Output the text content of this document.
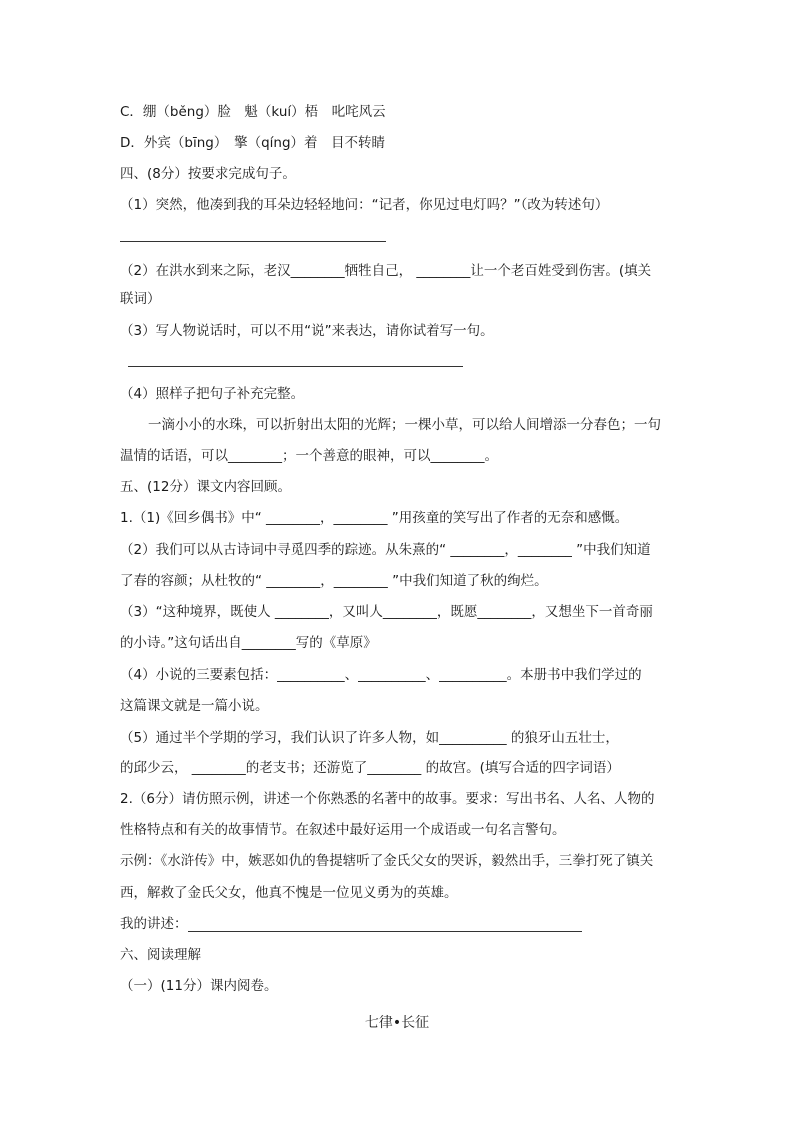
C．绷（běng）脸　魁（kuí）梧　叱咤风云
D．外宾（bīng）　擎（qíng）着　目不转睛
四、(8分）按要求完成句子。
（1）突然，他凑到我的耳朵边轻轻地问：“记者，你见过电灯吗？”（改为转述句）
（2）在洪水到来之际，老汉________牺牲自己， ________让一个老百姓受到伤害。(填关
联词）
（3）写人物说话时，可以不用“说”来表达，请你试着写一句。
（4）照样子把句子补充完整。
一滴小小的水珠，可以折射出太阳的光辉；一棵小草，可以给人间增添一分春色；一句
温情的话语，可以________；一个善意的眼神，可以________。
五、(12分）课文内容回顾。
1.（1)《回乡偶书》中“ ________，________ ”用孩童的笑写出了作者的无奈和感慨。
（2）我们可以从古诗词中寻觅四季的踪迹。从朱熹的“ ________，________ ”中我们知道
了春的容颜；从杜牧的“ ________，________ ”中我们知道了秋的绚烂。
（3）“这种境界，既使人 ________，又叫人________，既愿________，又想坐下一首奇丽
的小诗。”这句话出自________写的《草原》
（4）小说的三要素包括：__________、__________、__________。本册书中我们学过的
这篇课文就是一篇小说。
（5）通过半个学期的学习，我们认识了许多人物，如__________ 的狼牙山五壮士，
的邱少云， ________的老支书；还游览了________ 的故宫。(填写合适的四字词语）
2.（6分）请仿照示例，讲述一个你熟悉的名著中的故事。要求：写出书名、人名、人物的
性格特点和有关的故事情节。在叙述中最好运用一个成语或一句名言警句。
示例：《水浒传》中，嫉恶如仇的鲁提辖听了金氏父女的哭诉，毅然出手，三拳打死了镇关
西，解救了金氏父女，他真不愧是一位见义勇为的英雄。
我的讲述：
六、阅读理解
（一）(11分）课内阅卷。
七律•长征
